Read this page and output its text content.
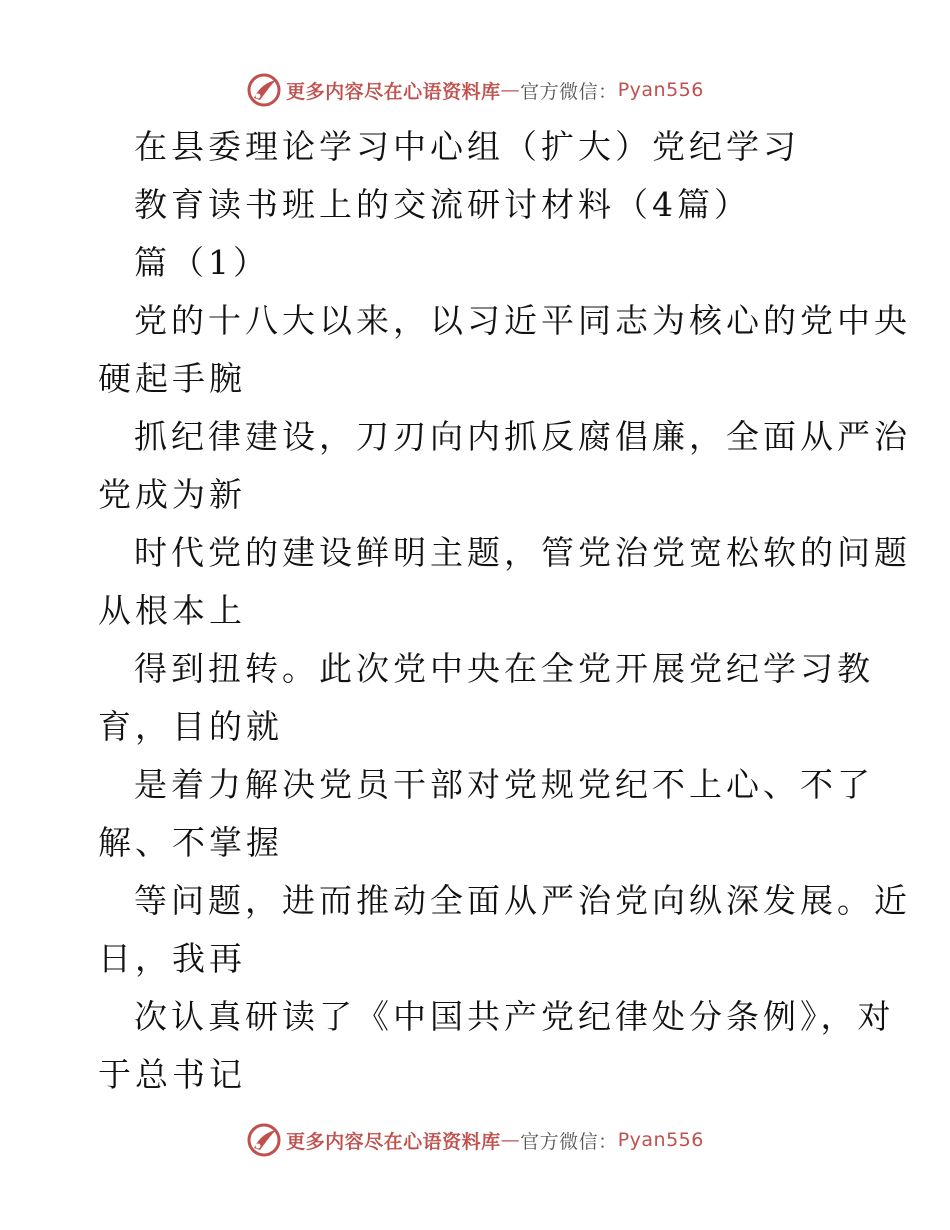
更多内容尽在心语资料库 — 官方微信： Pyan556
在县委理论学习中心组（扩大）党纪学习
教育读书班上的交流研讨材料（4篇）
篇（1）
党的十八大以来，以习近平同志为核心的党中央
硬起手腕
抓纪律建设，刀刃向内抓反腐倡廉，全面从严治
党成为新
时代党的建设鲜明主题，管党治党宽松软的问题
从根本上
得到扭转。此次党中央在全党开展党纪学习教
育，目的就
是着力解决党员干部对党规党纪不上心、不了
解、不掌握
等问题，进而推动全面从严治党向纵深发展。近
日，我再
次认真研读了《中国共产党纪律处分条例》，对
于总书记
更多内容尽在心语资料库 — 官方微信： Pyan556
